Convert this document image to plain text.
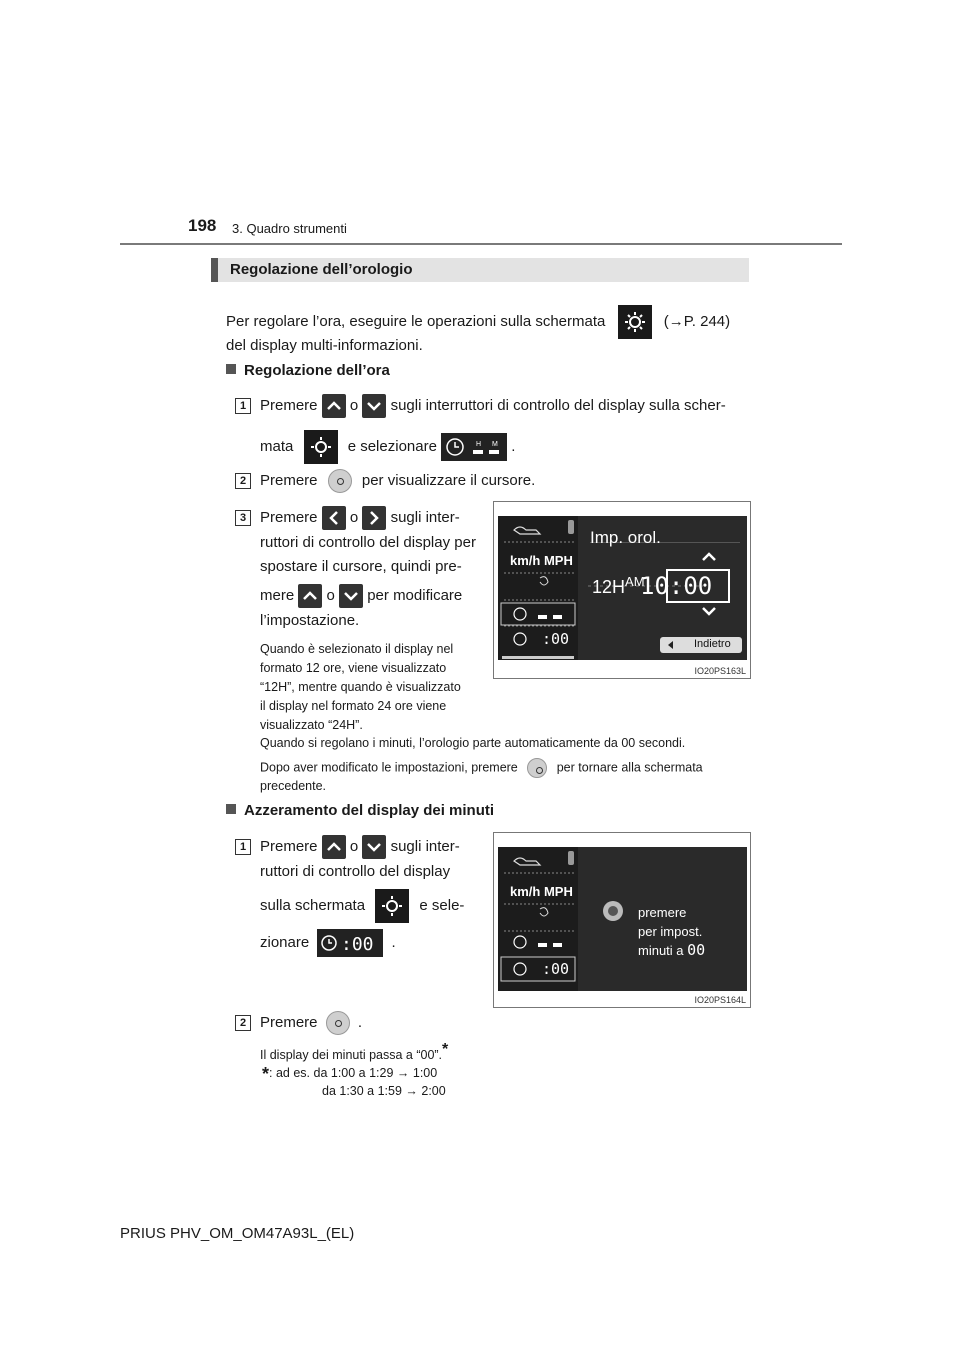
198 3. Quadro strumenti
Regolazione dell’orologio
Per regolare l’ora, eseguire le operazioni sulla schermata	(→P. 244)
del display multi-informazioni.
Regolazione dell’ora
1 Premere o sugli interruttori di controllo del display sulla scher-
mata	e selezionare	H M .
2 Premere	per visualizzare il cursore.
3 Premere o sugli inter-
ruttori di controllo del display per
spostare il cursore, quindi pre-
mere o per modificare
l’impostazione.
Quando è selezionato il display nel
formato 12 ore, viene visualizzato
“12H”, mentre quando è visualizzato
il display nel formato 24 ore viene
visualizzato “24H”.
km/h MPH
Imp. orol.
$12H^{AM}$
10:00
:00	Indietro
IO20PS163L
Quando si regolano i minuti, l’orologio parte automaticamente da 00 secondi.
Dopo aver modificato le impostazioni, premere	per tornare alla schermata
precedente.
Azzeramento del display dei minuti
1 Premere o sugli inter-
ruttori di controllo del display
sulla schermata	e sele-
zionare :00 .
km/h MPH
:00
premere
per impost.
minuti a 00
IO20PS164L
2 Premere	.
Il display dei minuti passa a “00”.*
*: ad es. da 1:00 a 1:29 → 1:00
da 1:30 a 1:59 → 2:00
PRIUS PHV_OM_OM47A93L_(EL)
